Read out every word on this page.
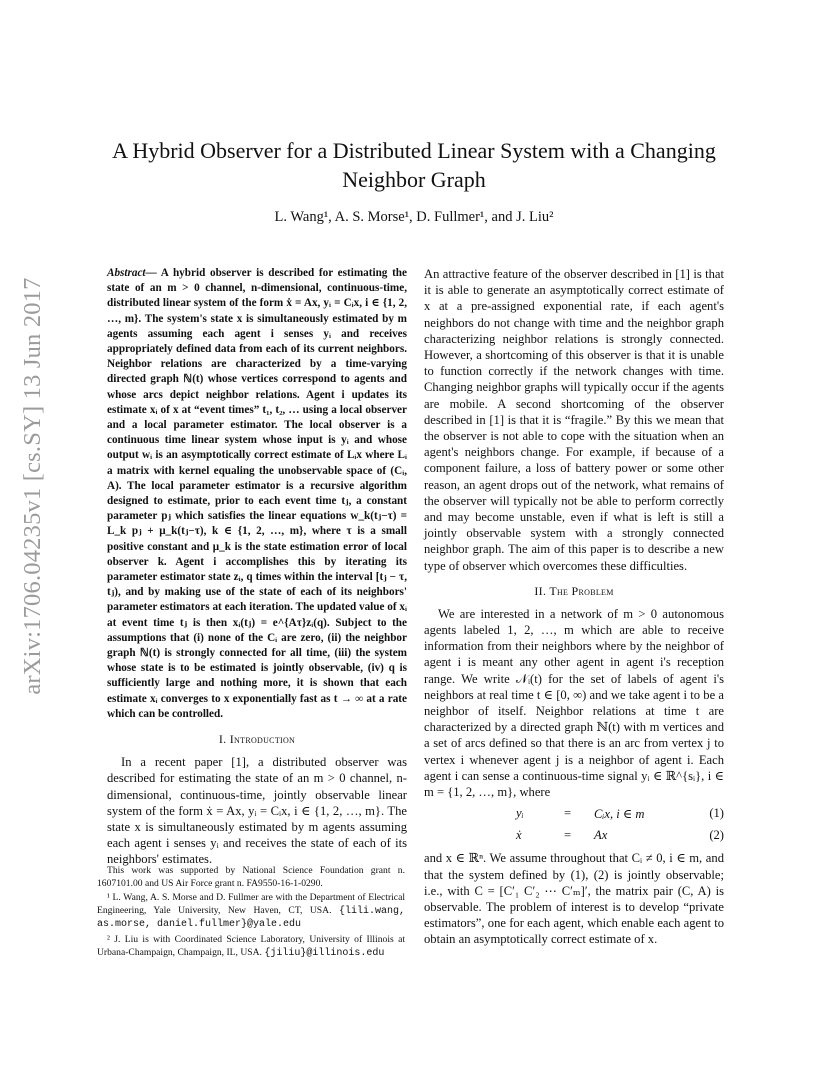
arXiv:1706.04235v1 [cs.SY] 13 Jun 2017
A Hybrid Observer for a Distributed Linear System with a Changing Neighbor Graph
L. Wang¹, A. S. Morse¹, D. Fullmer¹, and J. Liu²

Abstract— A hybrid observer is described for estimating the state of an m > 0 channel, n-dimensional, continuous-time, distributed linear system of the form ẋ = Ax, yᵢ = Cᵢx, i ∈ {1, 2, …, m}. The system's state x is simultaneously estimated by m agents assuming each agent i senses yᵢ and receives appropriately defined data from each of its current neighbors. Neighbor relations are characterized by a time-varying directed graph ℕ(t) whose vertices correspond to agents and whose arcs depict neighbor relations. Agent i updates its estimate xᵢ of x at “event times” t₁, t₂, … using a local observer and a local parameter estimator. The local observer is a continuous time linear system whose input is yᵢ and whose output wᵢ is an asymptotically correct estimate of Lᵢx where Lᵢ a matrix with kernel equaling the unobservable space of (Cᵢ, A). The local parameter estimator is a recursive algorithm designed to estimate, prior to each event time tⱼ, a constant parameter pⱼ which satisfies the linear equations w_k(tⱼ−τ) = L_k pⱼ + μ_k(tⱼ−τ), k ∈ {1, 2, …, m}, where τ is a small positive constant and μ_k is the state estimation error of local observer k. Agent i accomplishes this by iterating its parameter estimator state zᵢ, q times within the interval [tⱼ − τ, tⱼ), and by making use of the state of each of its neighbors' parameter estimators at each iteration. The updated value of xᵢ at event time tⱼ is then xᵢ(tⱼ) = e^{Aτ}zᵢ(q). Subject to the assumptions that (i) none of the Cᵢ are zero, (ii) the neighbor graph ℕ(t) is strongly connected for all time, (iii) the system whose state is to be estimated is jointly observable, (iv) q is sufficiently large and nothing more, it is shown that each estimate xᵢ converges to x exponentially fast as t → ∞ at a rate which can be controlled.

I. Introduction

In a recent paper [1], a distributed observer was described for estimating the state of an m > 0 channel, n-dimensional, continuous-time, jointly observable linear system of the form ẋ = Ax, yᵢ = Cᵢx, i ∈ {1, 2, …, m}. The state x is simultaneously estimated by m agents assuming each agent i senses yᵢ and receives the state of each of its neighbors' estimates.

This work was supported by National Science Foundation grant n. 1607101.00 and US Air Force grant n. FA9550-16-1-0290.

¹ L. Wang, A. S. Morse and D. Fullmer are with the Department of Electrical Engineering, Yale University, New Haven, CT, USA. {lili.wang, as.morse, daniel.fullmer}@yale.edu

² J. Liu is with Coordinated Science Laboratory, University of Illinois at Urbana-Champaign, Champaign, IL, USA. {jiliu}@illinois.edu

An attractive feature of the observer described in [1] is that it is able to generate an asymptotically correct estimate of x at a pre-assigned exponential rate, if each agent's neighbors do not change with time and the neighbor graph characterizing neighbor relations is strongly connected. However, a shortcoming of this observer is that it is unable to function correctly if the network changes with time. Changing neighbor graphs will typically occur if the agents are mobile. A second shortcoming of the observer described in [1] is that it is “fragile.” By this we mean that the observer is not able to cope with the situation when an agent's neighbors change. For example, if because of a component failure, a loss of battery power or some other reason, an agent drops out of the network, what remains of the observer will typically not be able to perform correctly and may become unstable, even if what is left is still a jointly observable system with a strongly connected neighbor graph. The aim of this paper is to describe a new type of observer which overcomes these difficulties.

II. The Problem

We are interested in a network of m > 0 autonomous agents labeled 1, 2, …, m which are able to receive information from their neighbors where by the neighbor of agent i is meant any other agent in agent i's reception range. We write 𝒩ᵢ(t) for the set of labels of agent i's neighbors at real time t ∈ [0, ∞) and we take agent i to be a neighbor of itself. Neighbor relations at time t are characterized by a directed graph ℕ(t) with m vertices and a set of arcs defined so that there is an arc from vertex j to vertex i whenever agent j is a neighbor of agent i. Each agent i can sense a continuous-time signal yᵢ ∈ ℝ^{sᵢ}, i ∈ m = {1, 2, …, m}, where

yᵢ	= Cᵢx, i ∈ m	(1)
ẋ	= Ax	(2)

and x ∈ ℝⁿ. We assume throughout that Cᵢ ≠ 0, i ∈ m, and that the system defined by (1), (2) is jointly observable; i.e., with C = [C′₁ C′₂ ⋯ C′ₘ]′, the matrix pair (C, A) is observable. The problem of interest is to develop “private estimators”, one for each agent, which enable each agent to obtain an asymptotically correct estimate of x.
